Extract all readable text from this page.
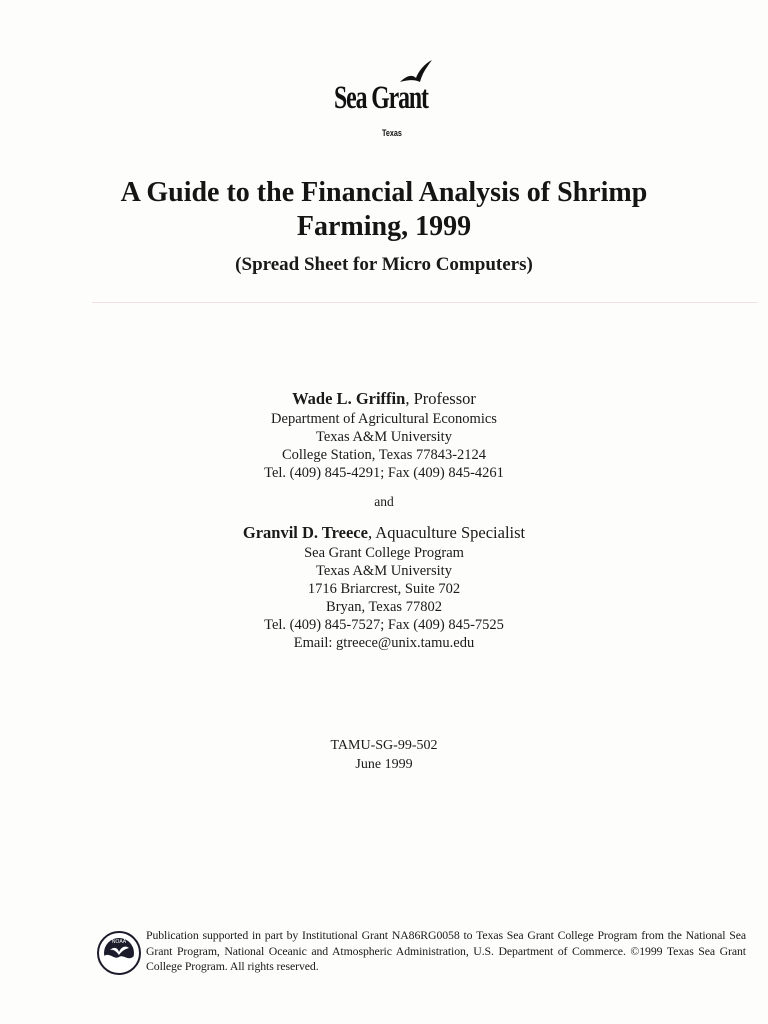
Sea Grant
Texas
A Guide to the Financial Analysis of Shrimp
Farming, 1999
(Spread Sheet for Micro Computers)
Wade L. Griffin, Professor
Department of Agricultural Economics
Texas A&M University
College Station, Texas 77843-2124
Tel. (409) 845-4291; Fax (409) 845-4261
and
Granvil D. Treece, Aquaculture Specialist
Sea Grant College Program
Texas A&M University
1716 Briarcrest, Suite 702
Bryan, Texas 77802
Tel. (409) 845-7527; Fax (409) 845-7525
Email: gtreece@unix.tamu.edu
TAMU-SG-99-502
June 1999
NOAA Publication supported in part by Institutional Grant NA86RG0058 to Texas Sea Grant College Program from the National Sea Grant Program, National Oceanic and Atmospheric Administration, U.S. Department of Commerce. ©1999 Texas Sea Grant College Program. All rights reserved.
